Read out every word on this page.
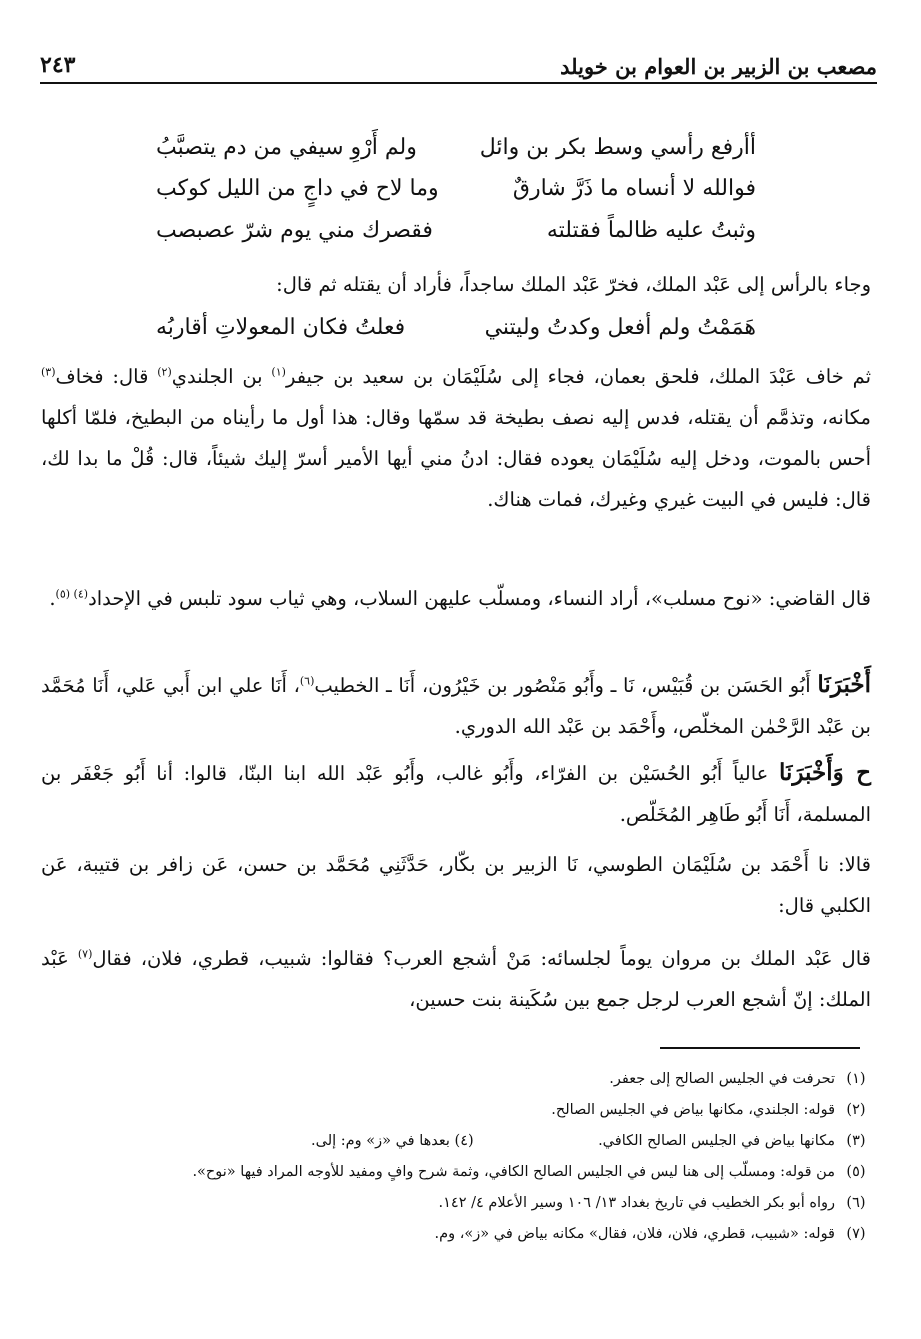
مصعب بن الزبير بن العوام بن خويلد
٢٤٣
أأرفع رأسي وسط بكر بن وائل
ولم أَرْوِ سيفي من دم يتصبَّبُ
فوالله لا أنساه ما ذَرَّ شارقٌ
وما لاح في داجٍ من الليل كوكب
وثبتُ عليه ظالماً فقتلته
فقصرك مني يوم شرّ عصبصب
وجاء بالرأس إلى عَبْد الملك، فخرّ عَبْد الملك ساجداً، فأراد أن يقتله ثم قال:
هَمَمْتُ ولم أفعل وكدتُ وليتني
فعلتُ فكان المعولاتِ أقاربُه
ثم خاف عَبْدَ الملك، فلحق بعمان، فجاء إلى سُلَيْمَان بن سعيد بن جيفر$^{(١)}$ بن الجلندي$^{(٢)}$ قال: فخاف$^{(٣)}$ مكانه، وتذمَّم أن يقتله، فدس إليه نصف بطيخة قد سمّها وقال: هذا أول ما رأيناه من البطيخ، فلمّا أكلها أحس بالموت، ودخل إليه سُلَيْمَان يعوده فقال: ادنُ مني أيها الأمير أسرّ إليك شيئاً، قال: قُلْ ما بدا لك، قال: فليس في البيت غيري وغيرك، فمات هناك.
قال القاضي: «نوح مسلب»، أراد النساء، ومسلّب عليهن السلاب، وهي ثياب سود تلبس في الإحداد$^{(٤)}$ $^{(٥)}$.
أَخْبَرَنَا أَبُو الحَسَن بن قُبَيْس، نَا ـ وأَبُو مَنْصُور بن خَيْرُون، أَنَا ـ الخطيب$^{(٦)}$، أَنَا علي ابن أَبي عَلي، أَنَا مُحَمَّد بن عَبْد الرَّحْمٰن المخلّص، وأَحْمَد بن عَبْد الله الدوري.
ح وَأَخْبَرَنَا عالياً أَبُو الحُسَيْن بن الفرّاء، وأَبُو غالب، وأَبُو عَبْد الله ابنا البنّا، قالوا: أنا أَبُو جَعْفَر بن المسلمة، أَنَا أَبُو طَاهِر المُخَلّص.
قالا: نا أَحْمَد بن سُلَيْمَان الطوسي، نَا الزبير بن بكّار، حَدَّثَنِي مُحَمَّد بن حسن، عَن زافر بن قتيبة، عَن الكلبي قال:
قال عَبْد الملك بن مروان يوماً لجلسائه: مَنْ أشجع العرب؟ فقالوا: شبيب، قطري، فلان، فقال$^{(٧)}$ عَبْد الملك: إنّ أشجع العرب لرجل جمع بين سُكَينة بنت حسين،
(١)تحرفت في الجليس الصالح إلى جعفر.
(٢)قوله: الجلندي، مكانها بياض في الجليس الصالح.
(٣)مكانها بياض في الجليس الصالح الكافي.
(٤) بعدها في «ز» وم: إلى.
(٥)من قوله: ومسلّب إلى هنا ليس في الجليس الصالح الكافي، وثمة شرح وافٍ ومفيد للأوجه المراد فيها «نوح».
(٦)رواه أبو بكر الخطيب في تاريخ بغداد ١٣/ ١٠٦ وسير الأعلام ٤/ ١٤٢.
(٧)قوله: «شبيب، قطري، فلان، فلان، فقال» مكانه بياض في «ز»، وم.
